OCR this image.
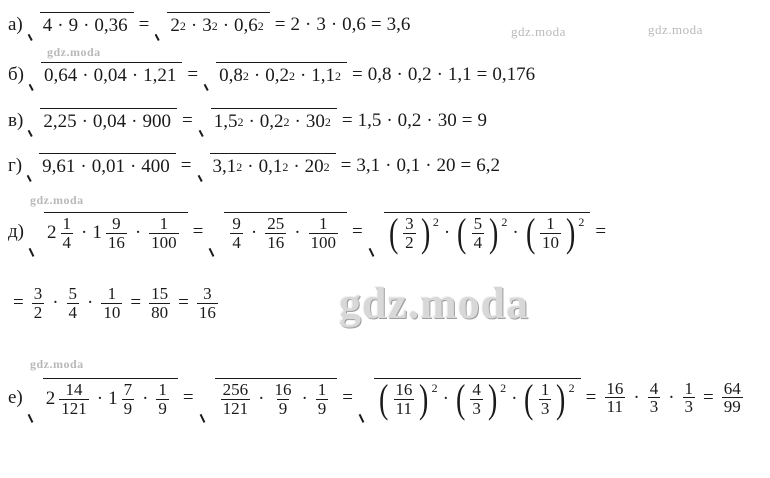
а) 4 · 9 · 0,36 = 2 2 · 3 2 · 0,6 2 = 2 · 3 · 0,6 = 3,6
б) 0,64 · 0,04 · 1,21 = 0,8 2 · 0,2 2 · 1,1 2 = 0,8 · 0,2 · 1,1 = 0,176
в) 2,25 · 0,04 · 900 = 1,5 2 · 0,2 2 · 30 2 = 1,5 · 0,2 · 30 = 9
г) 9,61 · 0,01 · 400 = 3,1 2 · 0,1 2 · 20 2 = 3,1 · 0,1 · 20 = 6,2
д) $2 \frac{1}{4} \cdot 1 \frac{9}{16} \cdot \frac{1}{100} = \frac{9}{4} \cdot \frac{25}{16} \cdot \frac{1}{100}$ = ( $\frac{3}{2}$ ) 2
· ( $\frac{5}{4}$ ) 2
· ( $\frac{1}{10}$ ) 2 =
= $\frac{3}{2} \cdot \frac{5}{4} \cdot \frac{1}{10} = \frac{15}{80} = \frac{3}{16}$
е) $2 \frac{14}{121} \cdot 1 \frac{7}{9} \cdot \frac{1}{9} = \frac{256}{121} \cdot \frac{16}{9} \cdot \frac{1}{9}$ = ( $\frac{16}{11}$ ) 2
· ( $\frac{4}{3}$ ) 2
· ( $\frac{1}{3}$ ) $2 = \frac{16}{11} \cdot \frac{4}{3} \cdot \frac{1}{3} = \frac{64}{99}$
gdz.moda	gdz.moda
gdz.moda
gdz.moda
gdz.moda
gdz.moda
